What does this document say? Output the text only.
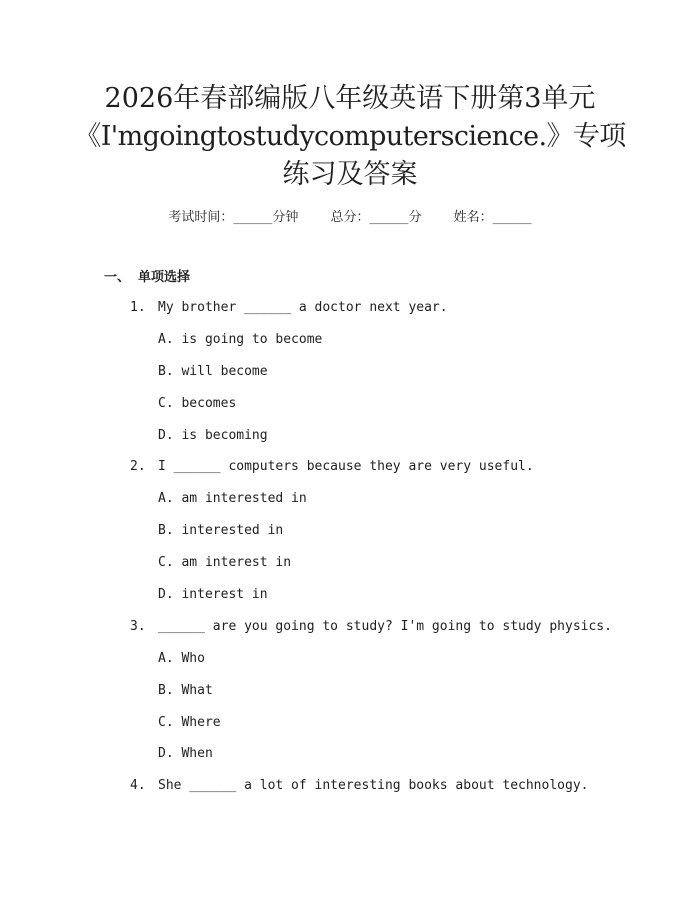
2026年春部编版八年级英语下册第3单元
《I'mgoingtostudycomputerscience.》专项
练习及答案
考试时间：______分钟 总分：______分 姓名：______
一、 单项选择
1. My brother ______ a doctor next year.
A. is going to become
B. will become
C. becomes
D. is becoming
2. I ______ computers because they are very useful.
A. am interested in
B. interested in
C. am interest in
D. interest in
3. ______ are you going to study? I'm going to study physics.
A. Who
B. What
C. Where
D. When
4. She ______ a lot of interesting books about technology.
